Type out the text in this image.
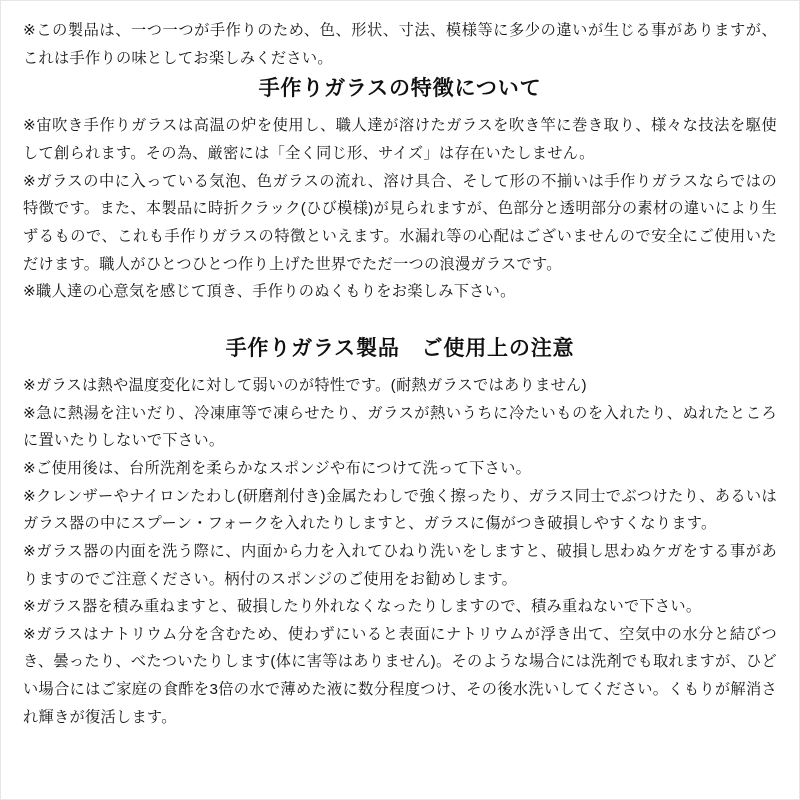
※この製品は、一つ一つが手作りのため、色、形状、寸法、模様等に多少の違いが生じる事がありますが、これは手作りの味としてお楽しみください。

手作りガラスの特徴について

※宙吹き手作りガラスは高温の炉を使用し、職人達が溶けたガラスを吹き竿に巻き取り、様々な技法を駆使して創られます。その為、厳密には「全く同じ形、サイズ」は存在いたしません。

※ガラスの中に入っている気泡、色ガラスの流れ、溶け具合、そして形の不揃いは手作りガラスならではの特徴です。また、本製品に時折クラック(ひび模様)が見られますが、色部分と透明部分の素材の違いにより生ずるもので、これも手作りガラスの特徴といえます。水漏れ等の心配はございませんので安全にご使用いただけます。職人がひとつひとつ作り上げた世界でただ一つの浪漫ガラスです。

※職人達の心意気を感じて頂き、手作りのぬくもりをお楽しみ下さい。

手作りガラス製品　ご使用上の注意

※ガラスは熱や温度変化に対して弱いのが特性です。(耐熱ガラスではありません)

※急に熱湯を注いだり、冷凍庫等で凍らせたり、ガラスが熱いうちに冷たいものを入れたり、ぬれたところに置いたりしないで下さい。

※ご使用後は、台所洗剤を柔らかなスポンジや布につけて洗って下さい。

※クレンザーやナイロンたわし(研磨剤付き)金属たわしで強く擦ったり、ガラス同士でぶつけたり、あるいはガラス器の中にスプーン・フォークを入れたりしますと、ガラスに傷がつき破損しやすくなります。

※ガラス器の内面を洗う際に、内面から力を入れてひねり洗いをしますと、破損し思わぬケガをする事がありますのでご注意ください。柄付のスポンジのご使用をお勧めします。

※ガラス器を積み重ねますと、破損したり外れなくなったりしますので、積み重ねないで下さい。

※ガラスはナトリウム分を含むため、使わずにいると表面にナトリウムが浮き出て、空気中の水分と結びつき、曇ったり、べたついたりします(体に害等はありません)。そのような場合には洗剤でも取れますが、ひどい場合にはご家庭の食酢を3倍の水で薄めた液に数分程度つけ、その後水洗いしてください。くもりが解消され輝きが復活します。
